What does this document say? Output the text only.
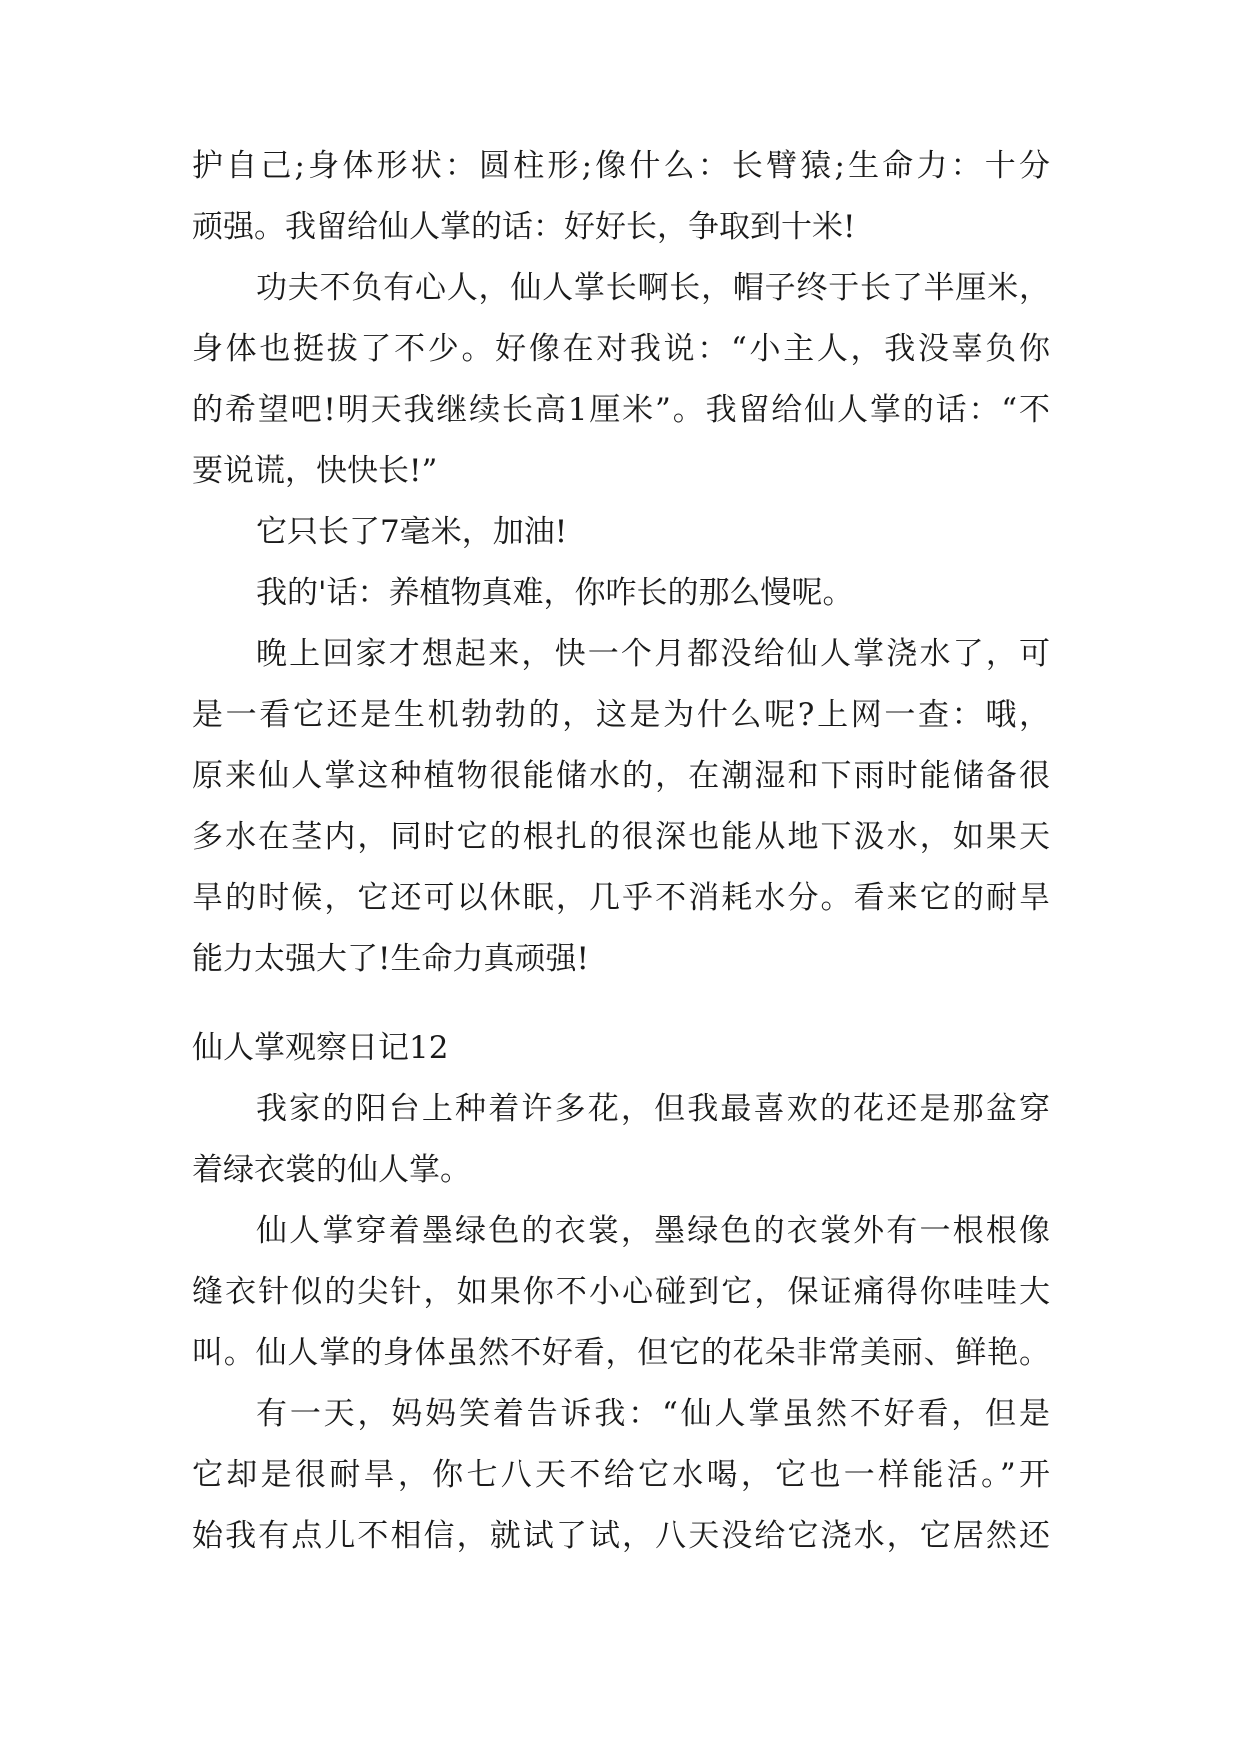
护自己;身体形状：圆柱形;像什么：长臂猿;生命力：十分
顽强。我留给仙人掌的话：好好长，争取到十米!
功夫不负有心人，仙人掌长啊长，帽子终于长了半厘米，
身体也挺拔了不少。好像在对我说：“小主人，我没辜负你
的希望吧!明天我继续长高1厘米”。我留给仙人掌的话：“不
要说谎，快快长!”
它只长了7毫米，加油!
我的'话：养植物真难，你咋长的那么慢呢。
晚上回家才想起来，快一个月都没给仙人掌浇水了，可
是一看它还是生机勃勃的，这是为什么呢?上网一查：哦，
原来仙人掌这种植物很能储水的，在潮湿和下雨时能储备很
多水在茎内，同时它的根扎的很深也能从地下汲水，如果天
旱的时候，它还可以休眠，几乎不消耗水分。看来它的耐旱
能力太强大了!生命力真顽强!
仙人掌观察日记12
我家的阳台上种着许多花，但我最喜欢的花还是那盆穿
着绿衣裳的仙人掌。
仙人掌穿着墨绿色的衣裳，墨绿色的衣裳外有一根根像
缝衣针似的尖针，如果你不小心碰到它，保证痛得你哇哇大
叫。仙人掌的身体虽然不好看，但它的花朵非常美丽、鲜艳。
有一天，妈妈笑着告诉我：“仙人掌虽然不好看，但是
它却是很耐旱，你七八天不给它水喝，它也一样能活。”开
始我有点儿不相信，就试了试，八天没给它浇水，它居然还
